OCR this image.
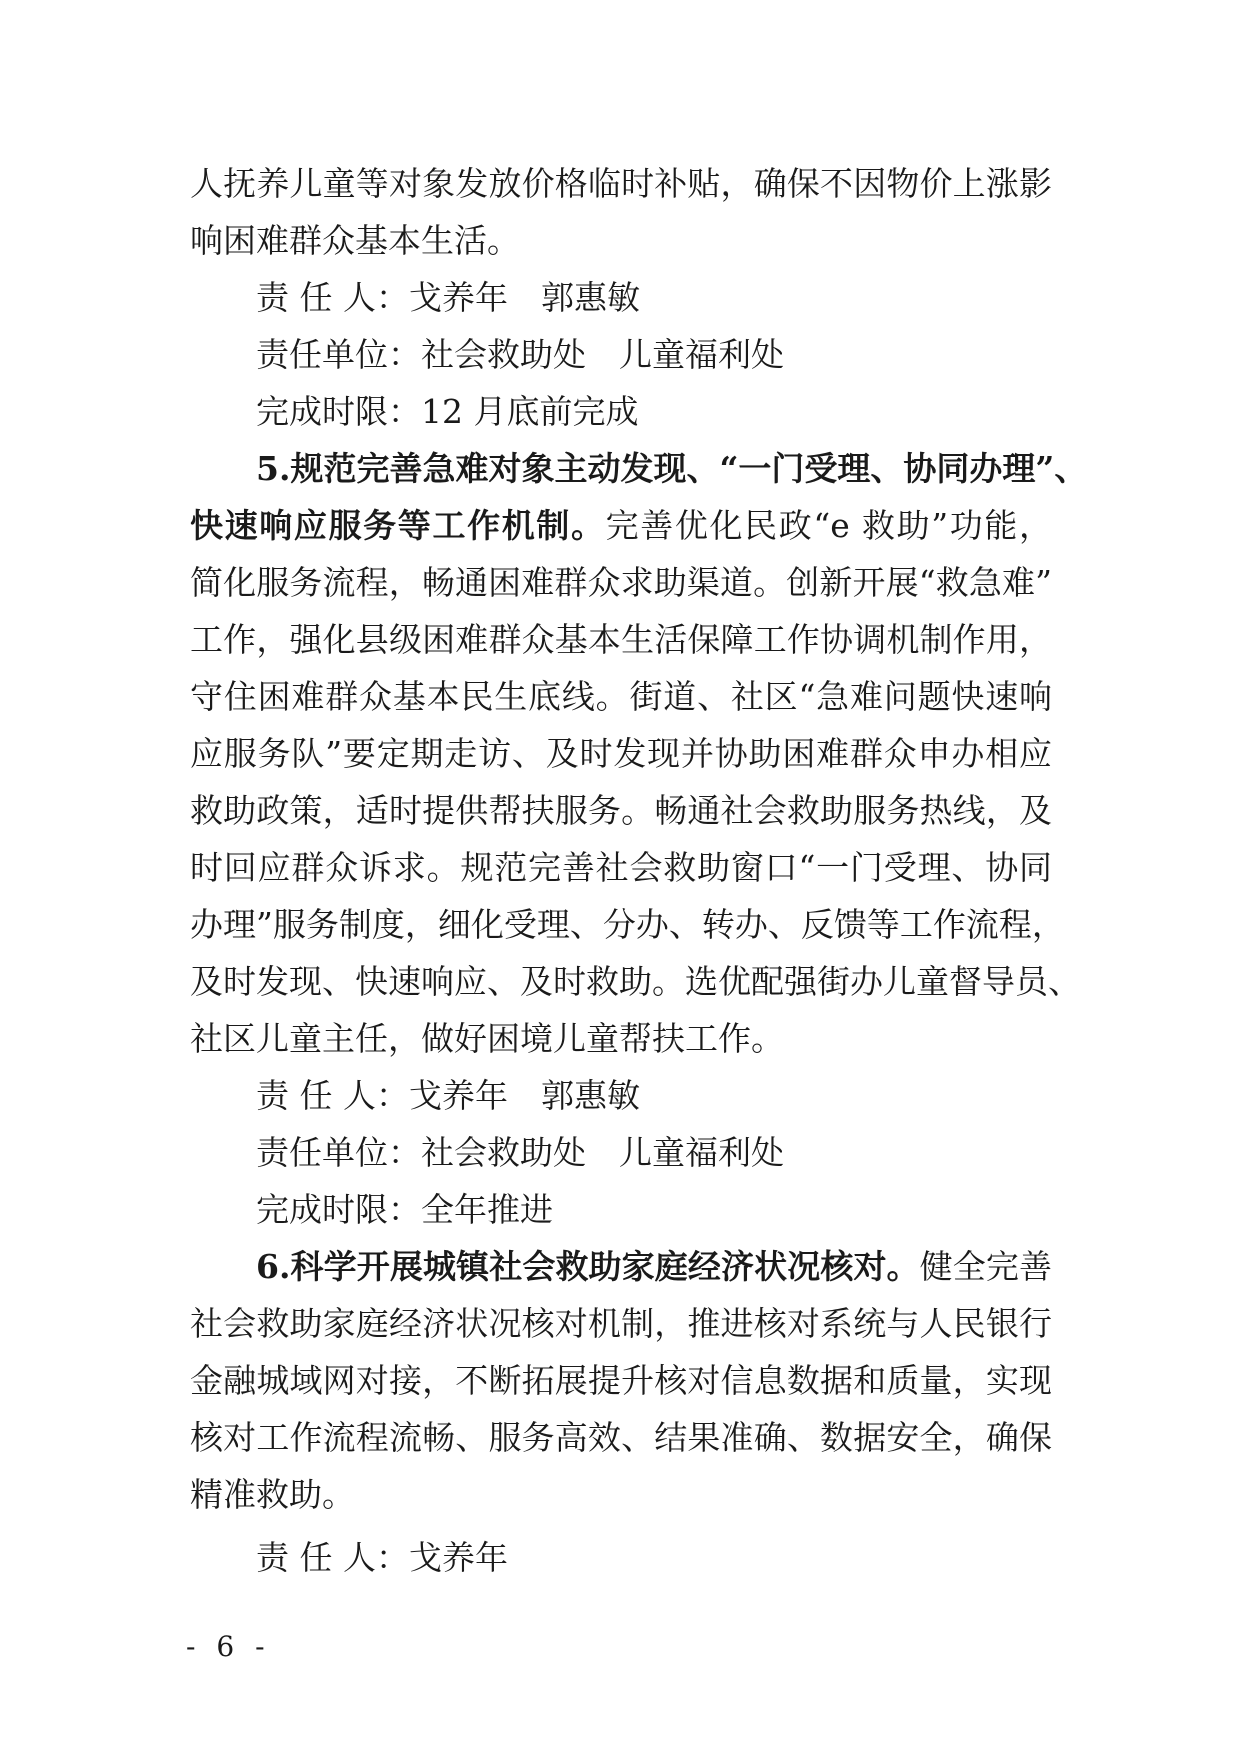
人抚养儿童等对象发放价格临时补贴，确保不因物价上涨影
响困难群众基本生活。
责 任 人： 戈养年 郭惠敏
责任单位： 社会救助处 儿童福利处
完成时限： 12 月底前完成
5.规范完善急难对象主动发现、“一门受理、协同办理”、
快速响应服务等工作机制。完善优化民政“e 救助”功能，
简化服务流程，畅通困难群众求助渠道。创新开展“救急难”
工作，强化县级困难群众基本生活保障工作协调机制作用，
守住困难群众基本民生底线。街道、社区“急难问题快速响
应服务队”要定期走访、及时发现并协助困难群众申办相应
救助政策，适时提供帮扶服务。畅通社会救助服务热线，及
时回应群众诉求。规范完善社会救助窗口“一门受理、协同
办理”服务制度，细化受理、分办、转办、反馈等工作流程，
及时发现、快速响应、及时救助。选优配强街办儿童督导员、
社区儿童主任，做好困境儿童帮扶工作。
责 任 人： 戈养年 郭惠敏
责任单位： 社会救助处 儿童福利处
完成时限： 全年推进
6.科学开展城镇社会救助家庭经济状况核对。健全完善
社会救助家庭经济状况核对机制，推进核对系统与人民银行
金融城域网对接，不断拓展提升核对信息数据和质量，实现
核对工作流程流畅、服务高效、结果准确、数据安全，确保
精准救助。
责 任 人： 戈养年
- 6 -
